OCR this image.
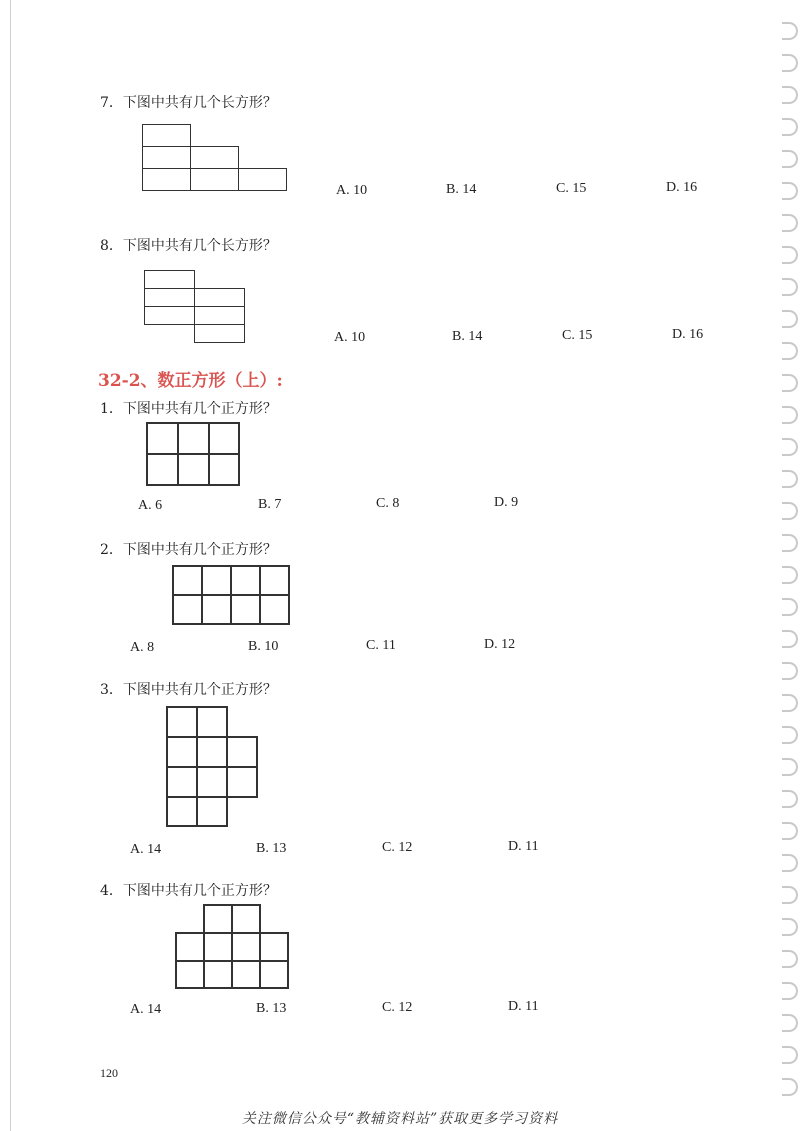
7．下图中共有几个长方形？
A. 10	B. 14	C. 15	D. 16
8．下图中共有几个长方形？
A. 10	B. 14	C. 15	D. 16
32-2、数正方形（上）:
1．下图中共有几个正方形？
A. 6	B. 7	C. 8	D. 9
2．下图中共有几个正方形？
A. 8	B. 10	C. 11	D. 12
3．下图中共有几个正方形？
A. 14	B. 13	C. 12	D. 11
4．下图中共有几个正方形？
A. 14	B. 13	C. 12	D. 11
120
关注微信公众号“教辅资料站”获取更多学习资料
